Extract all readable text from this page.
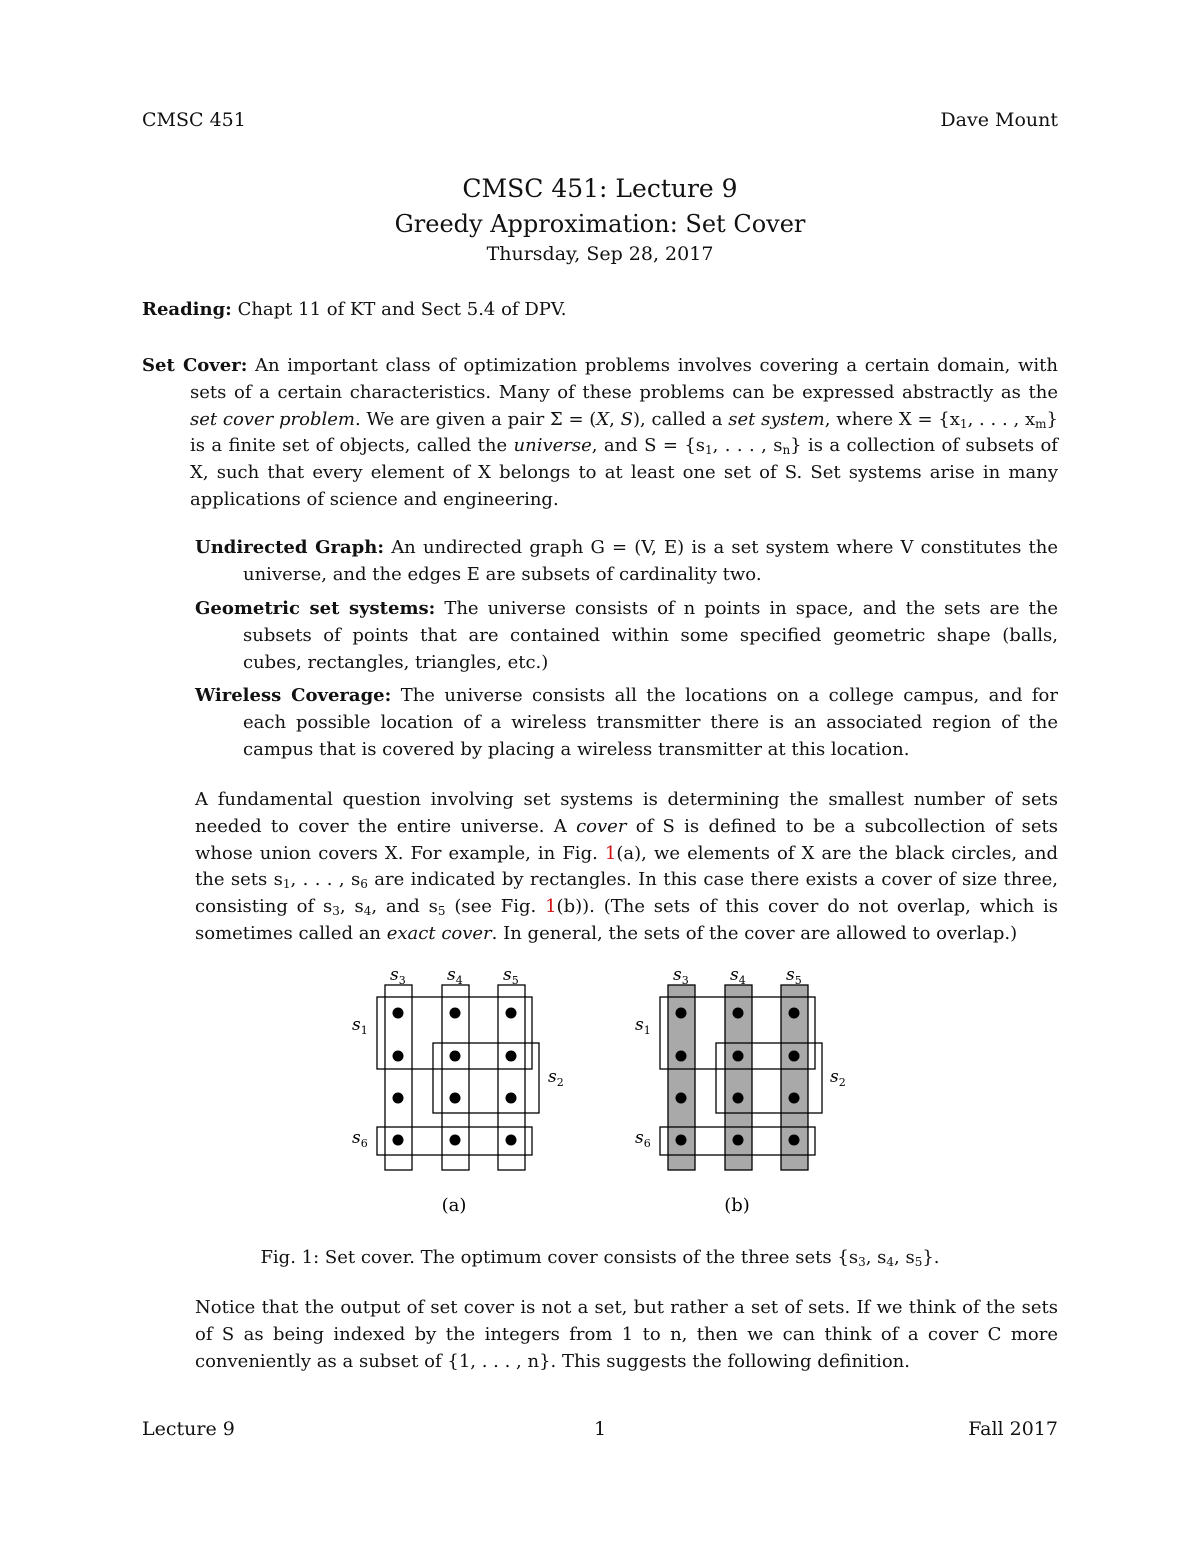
CMSC 451	Dave Mount
CMSC 451: Lecture 9
Greedy Approximation: Set Cover
Thursday, Sep 28, 2017
Reading: Chapt 11 of KT and Sect 5.4 of DPV.
Set Cover: An important class of optimization problems involves covering a certain domain, with sets of a certain characteristics. Many of these problems can be expressed abstractly as the set cover problem. We are given a pair Σ = (X, S), called a set system, where $X = \{x_1$, . . . , $x_m$} is a finite set of objects, called the universe, and $S = \{s_1$, . . . , $s_n$} is a collection of subsets of X, such that every element of X belongs to at least one set of S. Set systems arise in many applications of science and engineering.
Undirected Graph: An undirected graph G = (V, E) is a set system where V constitutes the universe, and the edges E are subsets of cardinality two.
Geometric set systems: The universe consists of n points in space, and the sets are the subsets of points that are contained within some specified geometric shape (balls, cubes, rectangles, triangles, etc.)
Wireless Coverage: The universe consists all the locations on a college campus, and for each possible location of a wireless transmitter there is an associated region of the campus that is covered by placing a wireless transmitter at this location.
A fundamental question involving set systems is determining the smallest number of sets needed to cover the entire universe. A cover of S is defined to be a subcollection of sets whose union covers X. For example, in Fig. 1(a), we elements of X are the black circles, and the sets $s_1$, . . . , $s_6$ are indicated by rectangles. In this case there exists a cover of size three, consisting of $s_3$, $s_4$, and $s_5$ (see Fig. 1(b)). (The sets of this cover do not overlap, which is sometimes called an exact cover. In general, the sets of the cover are allowed to overlap.)
$s_3$ $s_4$ $s_5$
$s_1$
$s_2$
$s_6$
$s_3$ $s_4$ $s_5$
$s_1$
$s_2$
$s_6$
(a)	(b)
Fig. 1: Set cover. The optimum cover consists of the three sets {$s_3$, $s_4$, $s_5$}.
Notice that the output of set cover is not a set, but rather a set of sets. If we think of the sets of S as being indexed by the integers from 1 to n, then we can think of a cover C more conveniently as a subset of {1, . . . , n}. This suggests the following definition.
Lecture 9	1	Fall 2017
